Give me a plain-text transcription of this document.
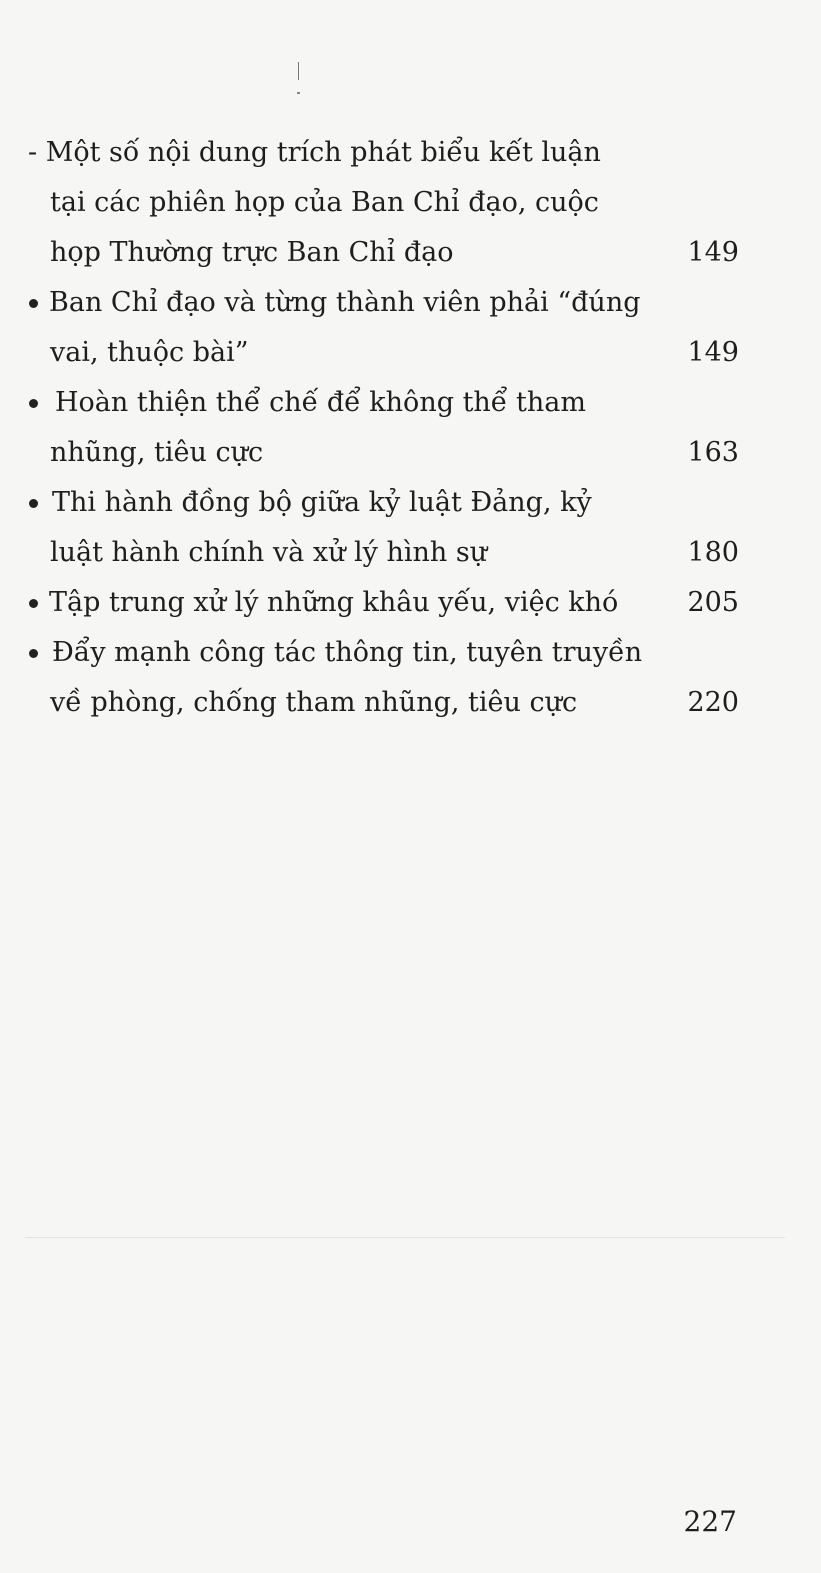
- Một số nội dung trích phát biểu kết luận
tại các phiên họp của Ban Chỉ đạo, cuộc
họp Thường trực Ban Chỉ đạo	149
Ban Chỉ đạo và từng thành viên phải “đúng
vai, thuộc bài”	149
Hoàn thiện thể chế để không thể tham
nhũng, tiêu cực	163
Thi hành đồng bộ giữa kỷ luật Đảng, kỷ
luật hành chính và xử lý hình sự	180
Tập trung xử lý những khâu yếu, việc khó	205
Đẩy mạnh công tác thông tin, tuyên truyền
về phòng, chống tham nhũng, tiêu cực	220
227
